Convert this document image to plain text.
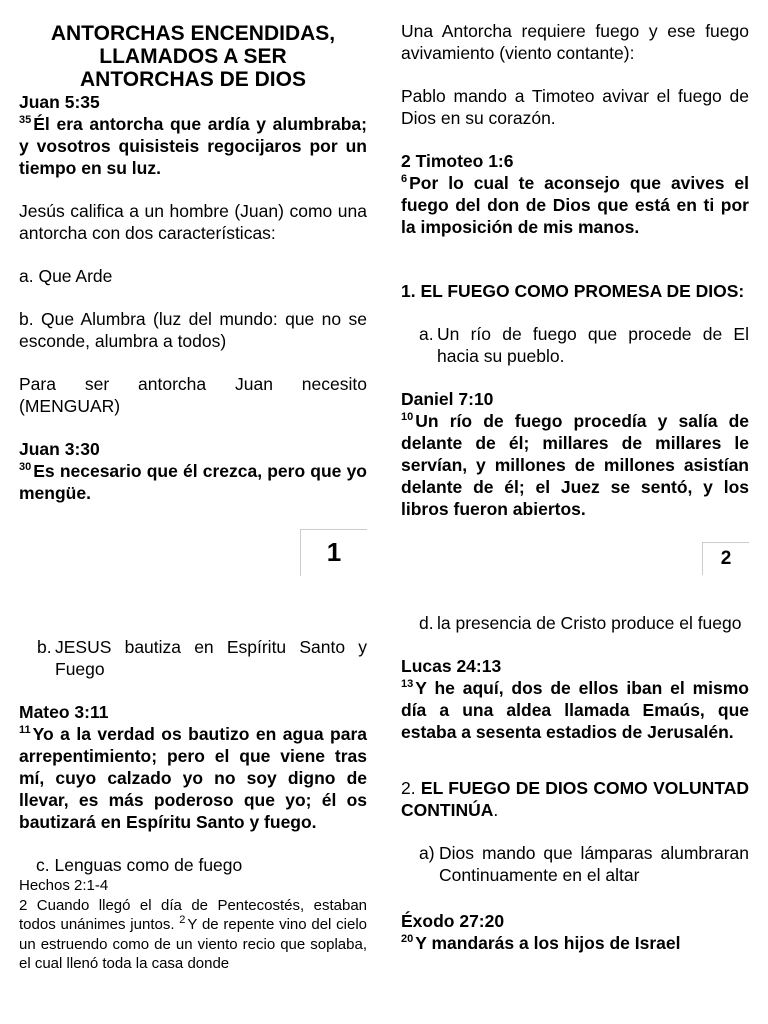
ANTORCHAS ENCENDIDAS,
LLAMADOS A SER
ANTORCHAS DE DIOS

Juan 5:35

$^{35}$ Él era antorcha que ardía y alumbraba; y vosotros quisisteis regocijaros por un tiempo en su luz.

Jesús califica a un hombre (Juan) como una antorcha con dos características:

a. Que Arde

b. Que Alumbra (luz del mundo: que no se esconde, alumbra a todos)

Para ser antorcha Juan necesito (MENGUAR)

Juan 3:30

$^{30}$ Es necesario que él crezca, pero que yo mengüe.

1

Una Antorcha requiere fuego y ese fuego avivamiento (viento contante):

Pablo mando a Timoteo avivar el fuego de Dios en su corazón.

2 Timoteo 1:6

$^6$ Por lo cual te aconsejo que avives el fuego del don de Dios que está en ti por la imposición de mis manos.

1. EL FUEGO COMO PROMESA DE DIOS:

a. Un río de fuego que procede de El hacia su pueblo.

Daniel 7:10

$^{10}$ Un río de fuego procedía y salía de delante de él; millares de millares le servían, y millones de millones asistían delante de él; el Juez se sentó, y los libros fueron abiertos.

2
b. JESUS bautiza en Espíritu Santo y Fuego

Mateo 3:11

$^{11}$ Yo a la verdad os bautizo en agua para arrepentimiento; pero el que viene tras mí, cuyo calzado yo no soy digno de llevar, es más poderoso que yo; él os bautizará en Espíritu Santo y fuego.

c. Lenguas como de fuego

Hechos 2:1-4

2 Cuando llegó el día de Pentecostés, estaban todos unánimes juntos. $^2$ Y de repente vino del cielo un estruendo como de un viento recio que soplaba, el cual llenó toda la casa donde

d. la presencia de Cristo produce el fuego

Lucas 24:13

$^{13}$ Y he aquí, dos de ellos iban el mismo día a una aldea llamada Emaús, que estaba a sesenta estadios de Jerusalén.

2. EL FUEGO DE DIOS COMO VOLUNTAD CONTINÚA.

a) Dios mando que lámparas alumbraran Continuamente en el altar

Éxodo 27:20

$^{20}$ Y mandarás a los hijos de Israel
